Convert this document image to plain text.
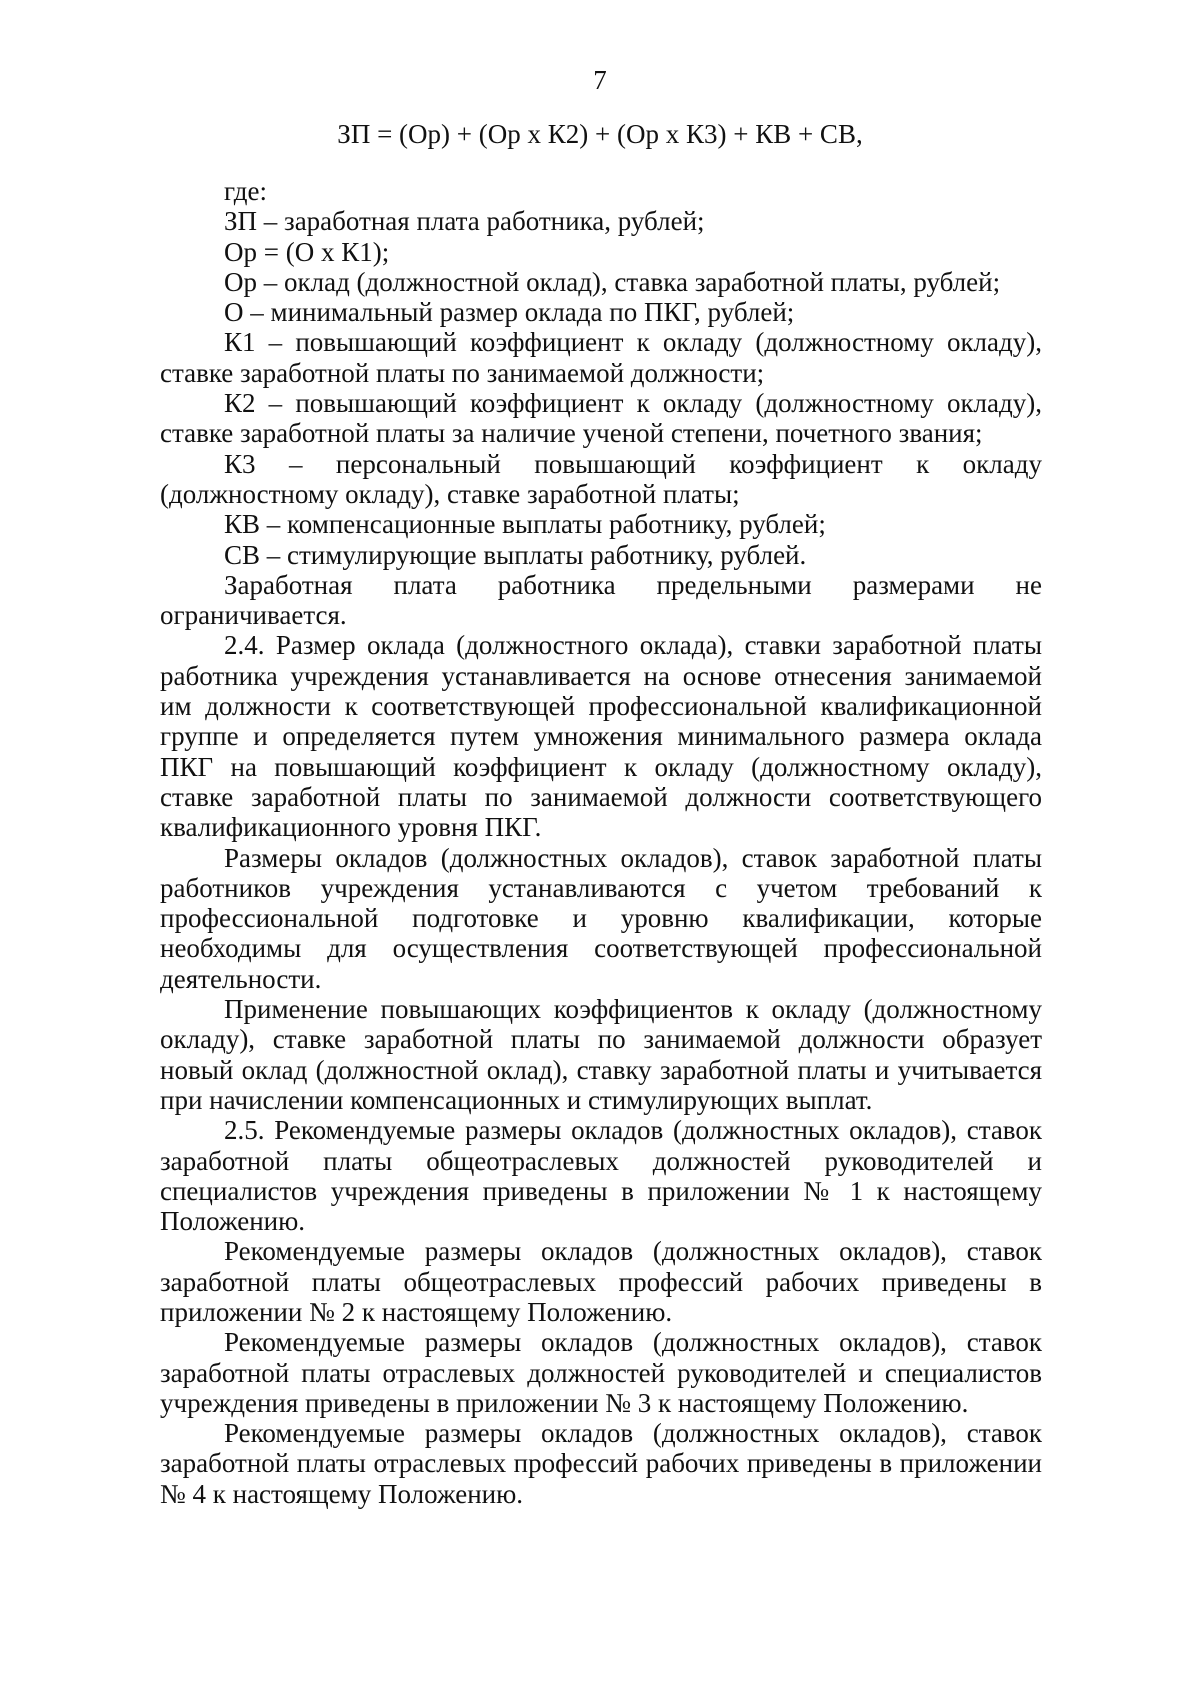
7
ЗП = (Ор) + (Ор х К2) + (Ор х К3) + КВ + СВ,

где:

ЗП – заработная плата работника, рублей;

Ор = (О х К1);

Ор – оклад (должностной оклад), ставка заработной платы, рублей;

О – минимальный размер оклада по ПКГ, рублей;

К1 – повышающий коэффициент к окладу (должностному окладу), ставке заработной платы по занимаемой должности;

К2 – повышающий коэффициент к окладу (должностному окладу), ставке заработной платы за наличие ученой степени, почетного звания;

К3 – персональный повышающий коэффициент к окладу (должностному окладу), ставке заработной платы;

КВ – компенсационные выплаты работнику, рублей;

СВ – стимулирующие выплаты работнику, рублей.

Заработная плата работника предельными размерами не ограничивается.

2.4. Размер оклада (должностного оклада), ставки заработной платы работника учреждения устанавливается на основе отнесения занимаемой им должности к соответствующей профессиональной квалификационной группе и определяется путем умножения минимального размера оклада ПКГ на повышающий коэффициент к окладу (должностному окладу), ставке заработной платы по занимаемой должности соответствующего квалификационного уровня ПКГ.

Размеры окладов (должностных окладов), ставок заработной платы работников учреждения устанавливаются с учетом требований к профессиональной подготовке и уровню квалификации, которые необходимы для осуществления соответствующей профессиональной деятельности.

Применение повышающих коэффициентов к окладу (должностному окладу), ставке заработной платы по занимаемой должности образует новый оклад (должностной оклад), ставку заработной платы и учитывается при начислении компенсационных и стимулирующих выплат.

2.5. Рекомендуемые размеры окладов (должностных окладов), ставок заработной платы общеотраслевых должностей руководителей и специалистов учреждения приведены в приложении № 1 к настоящему Положению.

Рекомендуемые размеры окладов (должностных окладов), ставок заработной платы общеотраслевых профессий рабочих приведены в приложении № 2 к настоящему Положению.

Рекомендуемые размеры окладов (должностных окладов), ставок заработной платы отраслевых должностей руководителей и специалистов учреждения приведены в приложении № 3 к настоящему Положению.

Рекомендуемые размеры окладов (должностных окладов), ставок заработной платы отраслевых профессий рабочих приведены в приложении № 4 к настоящему Положению.
